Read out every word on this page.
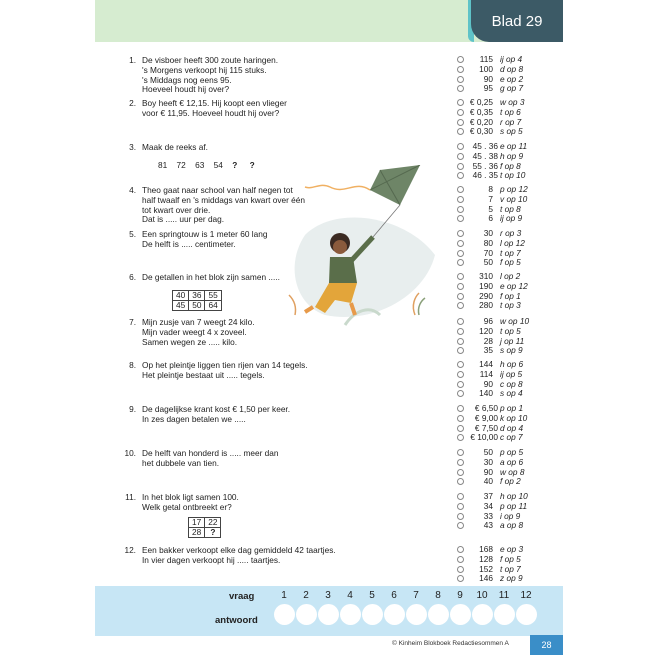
Blad 29
1. De visboer heeft 300 zoute haringen.
's Morgens verkoopt hij 115 stuks.
's Middags nog eens 95.
Hoeveel houdt hij over?
115 ij op 4
100 d op 8
90 e op 2
95 g op 7
2. Boy heeft € 12,15. Hij koopt een vlieger
voor € 11,95. Hoeveel houdt hij over?
€ 0,25 w op 3
€ 0,35 t op 6
€ 0,20 r op 7
€ 0,30 s op 5
3. Maak de reeks af.
81 72 63 54 ? ?
45 . 36 e op 11
45 . 38 h op 9
55 . 36 f op 8
46 . 35 t op 10
4. Theo gaat naar school van half negen tot
half twaalf en 's middags van kwart over één
tot kwart over drie.
Dat is ..... uur per dag.
8 p op 12
7 v op 10
5 t op 8
6 ij op 9
5. Een springtouw is 1 meter 60 lang
De helft is ..... centimeter.
30 r op 3
80 l op 12
70 t op 7
50 f op 5
6. De getallen in het blok zijn samen .....
40	36	55
45	50	64
310 l op 2
190 e op 12
290 f op 1
280 t op 3
7. Mijn zusje van 7 weegt 24 kilo.
Mijn vader weegt 4 x zoveel.
Samen wegen ze ..... kilo.
96 w op 10
120 t op 5
28 j op 11
35 s op 9
8. Op het pleintje liggen tien rijen van 14 tegels.
Het pleintje bestaat uit ..... tegels.
144 h op 6
114 ij op 5
90 c op 8
140 s op 4
9. De dagelijkse krant kost € 1,50 per keer.
In zes dagen betalen we .....
€ 6,50 p op 1
€ 9,00 k op 10
€ 7,50 d op 4
€ 10,00 c op 7
10. De helft van honderd is ..... meer dan
het dubbele van tien.
50 p op 5
30 a op 6
90 w op 8
40 f op 2
11. In het blok ligt samen 100.
Welk getal ontbreekt er?
17	22
28	?
37 h op 10
34 p op 11
33 i op 9
43 a op 8
12. Een bakker verkoopt elke dag gemiddeld 42 taartjes.
In vier dagen verkoopt hij ..... taartjes.
168 e op 3
128 f op 5
152 t op 7
146 z op 9
vraag
antwoord
1	2	3	4	5	6	7	8	9	10	11	12
© Kinheim Blokboek Redactiesommen A	28
